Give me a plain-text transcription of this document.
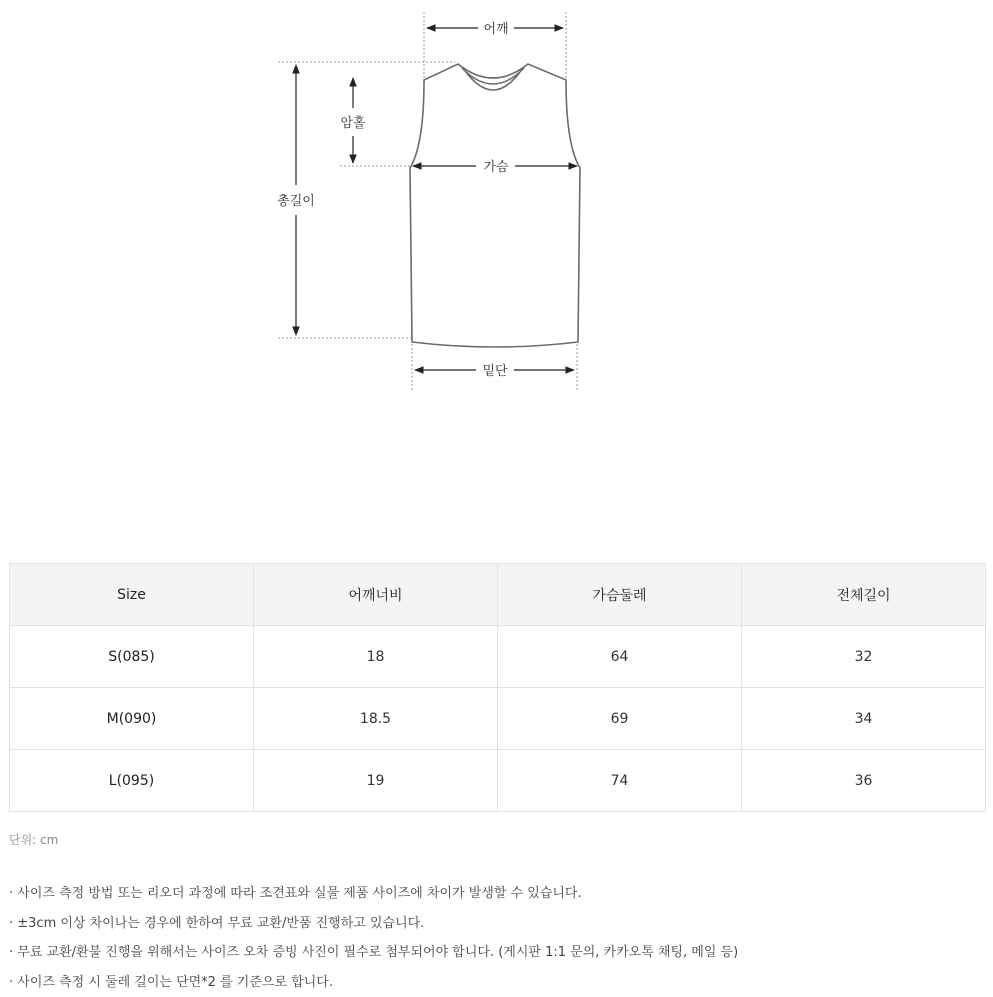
어깨
암홀
가슴
총길이
밑단
Size	어깨너비	가슴둘레	전체길이
S(085)	18	64	32
M(090)	18.5	69	34
L(095)	19	74	36
단위: cm
· 사이즈 측정 방법 또는 리오더 과정에 따라 조견표와 실물 제품 사이즈에 차이가 발생할 수 있습니다.
· ±3cm 이상 차이나는 경우에 한하여 무료 교환/반품 진행하고 있습니다.
· 무료 교환/환불 진행을 위해서는 사이즈 오차 증빙 사진이 필수로 첨부되어야 합니다. (게시판 1:1 문의, 카카오톡 채팅, 메일 등)
· 사이즈 측정 시 둘레 길이는 단면*2 를 기준으로 합니다.
